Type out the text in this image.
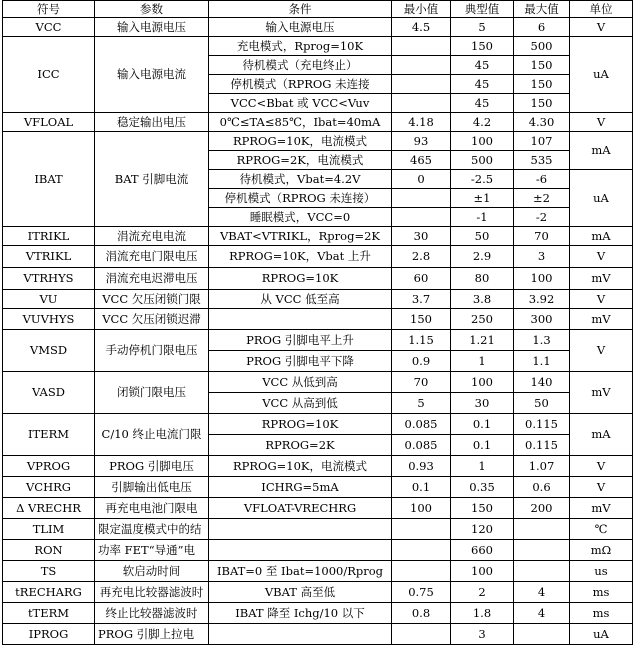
符号	参数	条件	最小值	典型值	最大值	单位
VCC	输入电源电压	输入电源电压	4.5	5	6	V
ICC	输入电源电流	充电模式，Rprog=10K		150	500	uA
		待机模式（充电终止）		45	150	
		停机模式（RPROG 未连接		45	150	
		VCC<Bbat 或 VCC<Vuv		45	150	
VFLOAL	稳定输出电压	0℃≤TA≤85℃，Ibat=40mA	4.18	4.2	4.30	V
IBAT	BAT 引脚电流	RPROG=10K，电流模式	93	100	107	mA
		RPROG=2K，电流模式	465	500	535	
		待机模式，Vbat=4.2V	0	-2.5	-6	uA
		停机模式（RPROG 未连接）		±1	±2	
		睡眠模式，VCC=0		-1	-2	
ITRIKL	涓流充电电流	VBAT<VTRIKL，Rprog=2K	30	50	70	mA
VTRIKL	涓流充电门限电压	RPROG=10K，Vbat 上升	2.8	2.9	3	V
VTRHYS	涓流充电迟滞电压	RPROG=10K	60	80	100	mV
VU	VCC 欠压闭锁门限	从 VCC 低至高	3.7	3.8	3.92	V
VUVHYS	VCC 欠压闭锁迟滞		150	250	300	mV
VMSD	手动停机门限电压	PROG 引脚电平上升	1.15	1.21	1.3	V
		PROG 引脚电平下降	0.9	1	1.1	
VASD	闭锁门限电压	VCC 从低到高	70	100	140	mV
		VCC 从高到低	5	30	50	
ITERM	C/10 终止电流门限	RPROG=10K	0.085	0.1	0.115	mA
		RPROG=2K	0.085	0.1	0.115	
VPROG	PROG 引脚电压	RPROG=10K，电流模式	0.93	1	1.07	V
VCHRG	引脚输出低电压	ICHRG=5mA	0.1	0.35	0.6	V
Δ VRECHR	再充电电池门限电	VFLOAT-VRECHRG	100	150	200	mV
TLIM	限定温度模式中的结			120		℃
RON	功率 FET“导通”电			660		mΩ
TS	软启动时间	IBAT=0 至 Ibat=1000/Rprog		100		us
tRECHARG	再充电比较器滤波时	VBAT 高至低	0.75	2	4	ms
tTERM	终止比较器滤波时	IBAT 降至 Ichg/10 以下	0.8	1.8	4	ms
IPROG	PROG 引脚上拉电			3		uA
